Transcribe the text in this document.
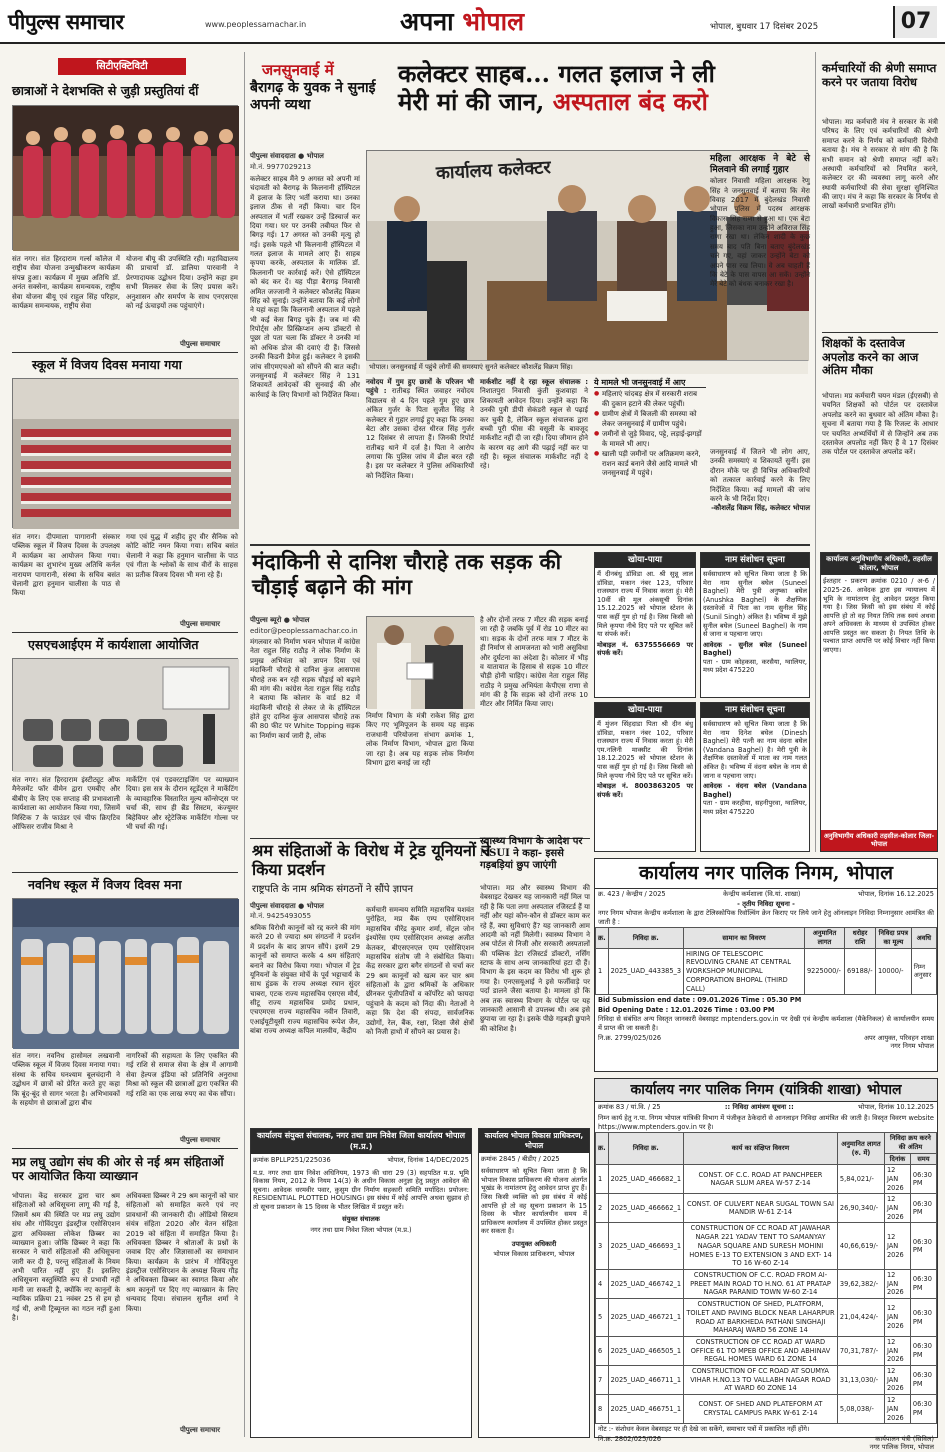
पीपुल्स समाचार	www.peoplessamachar.in	अपना भोपाल	भोपाल, बुधवार 17 दिसंबर 2025	07
सिटीएक्टिविटी
छात्राओं ने देशभक्ति से जुड़ी प्रस्तुतियां दीं
संत नगर। संत हिरदाराम गर्ल्स कॉलेज में राष्ट्रीय सेवा योजना उन्मुखीकरण कार्यक्रम संपन्न हुआ। कार्यक्रम में मुख्य अतिथि डॉ. अनंत सक्सेना, कार्यक्रम समन्वयक, राष्ट्रीय सेवा योजना बीयू एवं राहुल सिंह परिहार, कार्यक्रम समन्वयक, राष्ट्रीय सेवा
योजना बीयू की उपस्थिति रही। महाविद्यालय की प्राचार्या डॉ. डालिया पारवानी ने प्रेरणादायक उद्बोधन दिया। उन्होंने कहा हम सभी मिलकर सेवा के लिए प्रयास करें। अनुशासन और समर्पण के साथ एनएसएस को नई ऊंचाइयों तक पहुंचाएंगे।
पीपुल्स समाचार
स्कूल में विजय दिवस मनाया गया
संत नगर। दीपमाला पागारानी संस्कार पब्लिक स्कूल में विजय दिवस के उपलक्ष्य में कार्यक्रम का आयोजन किया गया। कार्यक्रम का शुभारंभ मुख्य अतिथि कर्नल नारायण पागारानी, संस्था के सचिव बसंत चेलानी द्वारा हनुमान चालीसा के पाठ से किया
गया एवं युद्ध में शहीद हुए वीर सैनिक को कोटि कोटि नमन किया गया। सचिव बसंत चेलानी ने कहा कि हनुमान चालीसा के पाठ एवं गीता के श्लोकों के साथ वीरों के साहस का प्रतीक विजय दिवस भी मना रहे हैं।
पीपुल्स समाचार
एसएचआईएम में कार्यशाला आयोजित
संत नगर। संत हिरदाराम इंस्टीट्यूट ऑफ मैनेजमेंट फॉर वीमेन द्वारा एमबीए और बीबीए के लिए एक सप्ताह की प्रभावशाली कार्यशाला का आयोजन किया गया, जिसमें मिस्टिक 7 के फाउंडर एवं चीफ क्रिएटिव ऑफिसर राजीव मिश्रा ने
मार्केटिंग एवं एडवरटाइजिंग पर व्याख्यान दिया। इस सत्र के दौरान स्टूडेंट्स ने मार्केटिंग के व्यावहारिक विस्तारित मूल्य कॉन्सेप्ट्स पर चर्चा की, साथ ही ब्रैंड सिस्टम, कंज्यूमर बिहेवियर और स्ट्रेटेजिक मार्केटिंग गोल्स पर भी चर्चा की गई।
नवनिध स्कूल में विजय दिवस मना
संत नगर। नवनिध हासोमल लखवानी पब्लिक स्कूल में विजय दिवस मनाया गया। संस्था के सचिव घनश्याम बूलचंदानी ने उद्बोधन में छात्रों को प्रेरित करते हुए कहा कि बूंद-बूंद से सागर भरता है। अभिभावकों के सहयोग से छात्राओं द्वारा बीच
नागरिकों की सहायता के लिए एकत्रित की गई राशि से समाज सेवा के क्षेत्र में आगामी सेवा हेल्पज इंडिया को प्रतिनिधि अनुराधा मिश्रा को स्कूल की छात्राओं द्वारा एकत्रित की गई राशि का एक लाख रुपए का चेक सौंपा।
पीपुल्स समाचार
मप्र लघु उद्योग संघ की ओर से नई श्रम संहिताओं पर आयोजित किया व्याख्यान
भोपाल। केंद्र सरकार द्वारा चार श्रम संहिताओं को अधिसूचना लागू की गई है, जिसमें श्रम की स्थिति पर मप्र लघु उद्योग संघ और गोविंदपुरा इंडस्ट्रीज एसोसिएशन द्वारा अधिवक्ता लोकेश छिब्बर का व्याख्यान हुआ। जोकि छिब्बर ने कहा कि सरकार ने चारों संहिताओं की अधिसूचना जारी कर दी है, परन्तु संहिताओं के नियम अभी पारित नहीं हुए हैं। इसलिए अधिसूचना वस्तुस्थिति रूप से प्रभावी नहीं मानी जा सकती है, क्योंकि नए कानूनों के न्यायिक प्रक्रिया 21 नवंबर 25 से हम हो गई थी, अभी ट्रिब्यूनल का गठन नहीं हुआ है।
अधिवक्ता छिब्बर ने 29 श्रम कानूनों को चार संहिताओं को समाहित करने एवं नए प्रावधानों की जानकारी दी। ऑडियो सिस्टम संयंत्र संहिता 2020 और वेतन संहिता 2019 को संहिता में समाहित किया है। अधिवक्ता छिब्बर ने श्रोताओं के प्रश्नों के जवाब दिए और जिज्ञासाओं का समाधान किया। कार्यक्रम के प्रारंभ में गोविंदपुरा इंडस्ट्रीज एसोसिएशन के अध्यक्ष विजय गौड़ ने अधिवक्ता छिब्बर का स्वागत किया और श्रम कानूनों पर दिए गए व्याख्यान के लिए धन्यवाद दिया। संचालन सुनील शर्मा ने किया।
पीपुल्स समाचार
जनसुनवाई में
बैरागढ़ के युवक ने सुनाई अपनी व्यथा
कलेक्टर साहब... गलत इलाज ने ली
मेरी मां की जान, अस्पताल बंद करो
पीपुल्स संवाददाता ● भोपाल
मो.नं. 9977029213
कलेक्टर साहब मैंने 9 अगस्त को अपनी मां चंदावती को बैरागढ़ के किलनानी हॉस्पिटल में इलाज के लिए भर्ती कराया था। उनका इलाज ठीक से नहीं किया। चार दिन अस्पताल में भर्ती रखकर उन्हें डिस्चार्ज कर दिया गया। घर पर उनकी तबीयत फिर से बिगड़ गई। 17 अगस्त को उनकी मृत्यु हो गई। इसके पहले भी किलनानी हॉस्पिटल में गलत इलाज के मामले आए हैं। साहब कृपया करके, अस्पताल के मालिक डॉ. किलनानी पर कार्रवाई करें। ऐसे हॉस्पिटल को बंद कर दें। यह पीड़ा बैरागढ़ निवासी अमित जज्जानी ने कलेक्टर कौशलेंद्र विक्रम सिंह को सुनाई। उन्होंने बताया कि कई लोगों ने यहां कहा कि किलनानी अस्पताल में पहले भी कई केस बिगड़ चुके हैं। जब मां की रिपोर्ट्स और प्रिस्क्रिप्शन अन्य डॉक्टरों से पूछा तो पता चला कि डॉक्टर ने उनकी मां को अधिक डोज की दवाएं दी हैं। जिससे उनकी किडनी डैमेज हुई। कलेक्टर ने इसकी जांच सीएमएचओ को सौंपने की बात कही। जनसुनवाई में कलेक्टर सिंह ने 131 शिकायतें आवेदकों की सुनवाई की और कार्रवाई के लिए विभागों को निर्देशित किया।
कार्यालय कलेक्टर
भोपाल। जनसुनवाई में पहुंचे लोगों की समस्याएं सुनते कलेक्टर कौशलेंद्र विक्रम सिंह।
नवोदय में गुम हुए छात्रों के परिजन भी पहुंचे : रातीबड़ स्थित जवाहर नवोदय विद्यालय से 4 दिन पहले गुम हुए छात्र अंकित गुर्जर के पिता सुजीत सिंह ने कलेक्टर से गुहार लगाई हुए कहा कि उनका बेटा और उसका दोस्त धीरज सिंह गुर्जर 12 दिसंबर से लापता हैं। जिनकी रिपोर्ट रातीबड़ थाने में दर्ज है। पिता ने आरोप लगाया कि पुलिस जांच में ढील बरत रही है। इस पर कलेक्टर ने पुलिस अधिकारियों को निर्देशित किया।
मार्कशीट नहीं दे रहा स्कूल संचालक : निशातपुरा निवासी कुंती कुशवाहा ने शिकायती आवेदन दिया। उन्होंने कहा कि उनकी पुत्री डीपी सेकंडरी स्कूल से पढ़ाई कर चुकी है, लेकिन स्कूल संचालक द्वारा बच्ची पूरी फीस की वसूली के बावजूद मार्कशीट नहीं दी जा रही। दिया जीमान होने के कारण वह आगे की पढ़ाई नहीं कर पा रही है। स्कूल संचालक मार्कशीट नहीं दे रहे।
ये मामले भी जनसुनवाई में आए
● महिलाएं चांदबड़ क्षेत्र में सरकारी शराब की दुकान हटाने की लेकर पहुंचीं।
● ग्रामीण क्षेत्रों में बिजली की समस्या को लेकर जनसुनवाई में ग्रामीण पहुंचे।
● जमीनों से जुड़े विवाद, पट्टे, लड़ाई-झगड़ों के मामले भी आए।
● खाली पड़ी जमीनों पर अतिक्रमण करने, राशन कार्ड बनाने जैसे आदि मामले भी जनसुनवाई में पहुंचे।
जनसुनवाई में जितने भी लोग आए, उनकी समस्याएं व शिकायतें सुनीं। इस दौरान मौके पर ही विभिन्न अधिकारियों को तत्काल कार्रवाई करने के लिए निर्देशित किया। कई मामलों की जांच करने के भी निर्देश दिए।
-कौशलेंद्र विक्रम सिंह, कलेक्टर भोपाल
महिला आरक्षक ने बेटे से मिलवाने की लगाई गुहार
कोलार निवासी महिला आरक्षक रेणु सिंह ने जनसुनवाई में बताया कि मेरा विवाह 2017 में बुंदेलखंड निवासी भोपाल पुलिस में पदस्थ आरक्षक विकास सिंह राणा से हुआ था। एक बेटा हुआ, जिसका नाम उन्होंने अविराज सिंह राणा रखा था। लेकिन शादी के कुछ समय बाद पति बिना बताए बुंदेलखंड चले गए, वहां जाकर उन्होंने बेटा को अपने पास रख लिया। वे अब चाहती हैं कि बेटे के पास वापस आ सकें। उन्होंने मेरे बेटे को बंधक बनाकर रखा है।
कर्मचारियों की श्रेणी समाप्त करने पर जताया विरोध
भोपाल। मप्र कर्मचारी मंच ने सरकार के मंत्री परिषद के लिए एवं कर्मचारियों की श्रेणी समाप्त करने के निर्णय को कर्मचारी विरोधी बताया है। मंच ने सरकार से मांग की है कि सभी समान को श्रेणी समाप्त नहीं करें। अस्थायी कर्मचारियों को नियमित करने, कलेक्टर दर की व्यवस्था लागू करने और स्थायी कर्मचारियों की सेवा सुरक्षा सुनिश्चित की जाए। मंच ने कहा कि सरकार के निर्णय से लाखों कर्मचारी प्रभावित होंगे।
शिक्षकों के दस्तावेज अपलोड करने का आज अंतिम मौका
भोपाल। मप्र कर्मचारी चयन मंडल (ईएसबी) से चयनित शिक्षकों को पोर्टल पर दस्तावेज अपलोड करने का बुधवार को अंतिम मौका है। सूचना में बताया गया है कि रिजल्ट के आधार पर चयनित अभ्यर्थियों में से जिन्होंने अब तक दस्तावेज अपलोड नहीं किए हैं वे 17 दिसंबर तक पोर्टल पर दस्तावेज अपलोड करें।
मंदाकिनी से दानिश चौराहे तक सड़क की चौड़ाई बढ़ाने की मांग
पीपुल्स ब्यूरो ● भोपाल
editor@peoplessamachar.co.in
मंगलवार को निर्माण भवन भोपाल में कांग्रेस नेता राहुल सिंह राठौड़ ने लोक निर्माण के प्रमुख अभियंता को ज्ञापन दिया एवं मंदाकिनी चौराहे से दानिश कुंज आसपास चौराहे तक बन रही सड़क चौड़ाई को बढ़ाने की मांग की। कांग्रेस नेता राहुल सिंह राठौड़ ने बताया कि कोलार के वार्ड 82 में मंदाकिनी चौराहे से लेकर जे के हॉस्पिटल होते हुए दानिश कुंज आसपास चौराहे तक की 80 फीट पर White Topping सड़क का निर्माण कार्य जारी है, लोक
निर्माण विभाग के मंत्री राकेश सिंह द्वारा किए गए भूमिपूजन के समय यह सड़क राजधानी परियोजना संभाग क्रमांक 1, लोक निर्माण विभाग, भोपाल द्वारा किया जा रहा है। अब यह सड़क लोक निर्माण विभाग द्वारा बनाई जा रही
है और दोनों तरफ 7 मीटर की सड़क बनाई जा रही है जबकि पूर्व में रोड 10 मीटर का था। सड़क के दोनों तरफ मात्र 7 मीटर के ही निर्माण से आमजनता को भारी असुविधा और दुर्घटना का अंदेशा है। कोलार में भीड़ व यातायात के हिसाब से सड़क 10 मीटर चौड़ी होनी चाहिए। कांग्रेस नेता राहुल सिंह राठौड़ ने प्रमुख अभियंता केपीएस राणा से मांग की है कि सड़क को दोनों तरफ 10 मीटर और निर्मित किया जाए।
श्रम संहिताओं के विरोध में ट्रेड यूनियनों ने किया प्रदर्शन
राष्ट्रपति के नाम श्रमिक संगठनों ने सौंपे ज्ञापन
पीपुल्स संवाददाता ● भोपाल
मो.नं. 9425493055
श्रमिक विरोधी कानूनों को रद्द करने की मांग करते 20 से ज्यादा श्रम संगठनों ने प्रदर्शन में प्रदर्शन के बाद ज्ञापन सौंपे। इसमें 29 कानूनों को समाप्त करके 4 श्रम संहिताएं बनाने का विरोध किया गया। भोपाल में ट्रेड यूनियनों के संयुक्त मोर्चे के पूर्व भट्टाचार्य के साथ हुंडक के राज्य अध्यक्ष रघान सुंदर चाबरा, एटक राज्य महासचिव एसएस मौर्य, सीटू राज्य महासचिव प्रमोद प्रधान, एचएमएस राज्य महासचिव नवीन तिवारी, एआईयूटीयूसी राज्य महासचिव रूपेश जैन, बांबा राज्य अध्यक्ष कपिल मालवीय, केंद्रीय
कर्मचारी समन्वय समिति महासचिव यशवंत पुरोहित, मप्र बैंक एम्प एसोसिएशन महासचिव वीरेंद्र कुमार शर्मा, सेंट्रल जोन इंश्योरेंस एम्प एसोसिएशन अध्यक्ष अजीत केतकर, बीएसएनएल एम्प एसोसिएशन महासचिव संतोष जी ने संबोधित किया। केंद्र सरकार द्वारा बगैर संगठनों से चर्चा कर 29 श्रम कानूनों को खत्म कर चार श्रम संहिताओं के द्वारा श्रमिकों के अधिकार छीनकर पूंजीपतियों व कॉर्पोरेट को फायदा पहुंचाने के कदम को निंदा की। नेताओं ने कहा कि देश की संपदा, सार्वजनिक उद्योगों, रेल, बैंक, रक्षा, शिक्षा जैसे क्षेत्रों को निजी हाथों में सौंपने का प्रयास है।
स्वास्थ्य विभाग के आदेश पर NSUI ने कहा- इससे गड़बड़ियां छुप जाएंगी
भोपाल। मप्र और स्वास्थ्य विभाग की वेबसाइट देखकर यह जानकारी नहीं मिल पा रही है कि पता लगा अस्पताल रजिस्टर्ड हैं या नहीं और यहां कौन-कौन से डॉक्टर काम कर रहे हैं, क्या सुविधाएं हैं? यह जानकारी आम आदमी को नहीं मिलेगी। स्वास्थ्य विभाग ने अब पोर्टल से निजी और सरकारी अस्पतालों की पब्लिक डेटा रजिस्टर्ड डॉक्टरों, नर्सिंग स्टाफ के साथ अन्य जानकारियां हटा दी हैं। विभाग के इस कदम का विरोध भी शुरू हो गया है। एनएसयूआई ने इसे फर्जीवाड़े पर पर्दा डालने जैसा बताया है। मामला हो कि अब तक स्वास्थ्य विभाग के पोर्टल पर यह जानकारी आसानी से उपलब्ध थी। अब इसे छुपाया जा रहा है। इसके पीछे गड़बड़ी छुपाने की कोशिश है।
खोया-पाया
मैं दीनबंधु डॉविडा आ. श्री सुन्नू लाल डॉविडा, मकान नंबर 123, परिवार राजस्थान राज्य में निवास करता हूं। मेरी 10वीं की मूल अंकसूची दिनांक 15.12.2025 को भोपाल स्टेशन के पास कहीं गुम हो गई है। जिस किसी को मिले कृपया नीचे दिए पते पर सूचित करें या संपर्क करें।
मोबाइल नं. 6375556669 पर संपर्क करें।
नाम संशोधन सूचना
सर्वसाधारण को सूचित किया जाता है कि मेरा नाम सुनील बघेल (Suneel Baghel) मेरी पुत्री अनुष्का बघेल (Anushka Baghel) के शैक्षणिक दस्तावेजों में पिता का नाम सुनील सिंह (Sunil Singh) अंकित है। भविष्य में मुझे सुनील बघेल (Suneel Baghel) के नाम से जाना व पहचाना जाए।
आवेदक - सुनील बघेल (Suneel Baghel)
पता - ग्राम कोहकसा, करसैया, ग्वालियर, मध्य प्रदेश 475220
खोया-पाया
मैं मुंजन सिंहदाडा पिता श्री दीन बंधु डॉविडा, मकान नंबर 102, परिवार राजस्थान राज्य में निवास करता हूं। मेरी एम.नलिनी माक्सीट की दिनांक 18.12.2025 को भोपाल स्टेशन के पास कहीं गुम हो गई है। जिस किसी को मिले कृपया नीचे दिए पते पर सूचित करें।
मोबाइल नं. 8003863205 पर संपर्क करें।
नाम संशोधन सूचना
सर्वसाधारण को सूचित किया जाता है कि मेरा नाम दिनेश बघेल (Dinesh Baghel) मेरी पत्नी का नाम वंदना बघेल (Vandana Baghel) है। मेरी पुत्री के शैक्षणिक दस्तावेजों में माता का नाम गलत अंकित है। भविष्य में वंदना बघेल के नाम से जाना व पहचाना जाए।
आवेदक - वंदना बघेल (Vandana Baghel)
पता - ग्राम करहीया, सहनीपुरवा, ग्वालियर, मध्य प्रदेश 475220
कार्यालय अनुविभागीय अधिकारी, तहसील कोलार, भोपाल
ईश्तहार - प्रकरण क्रमांक 0210 / अ-6 / 2025-26. आवेदक द्वारा इस न्यायालय में भूमि के नामांतरण हेतु आवेदन प्रस्तुत किया गया है। जिस किसी को इस संबंध में कोई आपत्ति हो तो वह नियत तिथि तक स्वयं अथवा अपने अधिवक्ता के माध्यम से उपस्थित होकर आपत्ति प्रस्तुत कर सकता है। नियत तिथि के पश्चात प्राप्त आपत्ति पर कोई विचार नहीं किया जाएगा।
अनुविभागीय अधिकारी तहसील-कोलार जिला-भोपाल
कार्यालय संयुक्त संचालक, नगर तथा ग्राम निवेश जिला कार्यालय भोपाल (म.प्र.)
क्रमांक BPLLP251/225036	भोपाल, दिनांक 14/DEC/2025
म.प्र. नगर तथा ग्राम निवेश अधिनियम, 1973 की धारा 29 (3) सहपठित म.प्र. भूमि विकास नियम, 2012 के नियम 14(3) के अधीन विकास अनुज्ञा हेतु प्रस्तुत आवेदन की सूचना। आवेदक धरमवीर पवार, कुसुम ग्रीन निर्माण सहकारी समिति मर्यादित। प्रयोजन: RESIDENTIAL PLOTTED HOUSING। इस संबंध में कोई आपत्ति अथवा सुझाव हो तो सूचना प्रकाशन के 15 दिवस के भीतर लिखित में प्रस्तुत करें।
संयुक्त संचालक
नगर तथा ग्राम निवेश जिला भोपाल (म.प्र.)
कार्यालय भोपाल विकास प्राधिकरण, भोपाल
क्रमांक 2845 / बीडीए / 2025
सर्वसाधारण को सूचित किया जाता है कि भोपाल विकास प्राधिकरण की योजना अंतर्गत भूखंड के नामांतरण हेतु आवेदन प्राप्त हुए हैं। जिस किसी व्यक्ति को इस संबंध में कोई आपत्ति हो तो वह सूचना प्रकाशन के 15 दिवस के भीतर कार्यालयीन समय में प्राधिकरण कार्यालय में उपस्थित होकर प्रस्तुत कर सकता है।
उपायुक्त अधिकारी
भोपाल विकास प्राधिकरण, भोपाल
कार्यालय नगर पालिक निगम, भोपाल
क्र. 423 / केन्द्रीय / 2025	केन्द्रीय कर्मशाला (वि.यां. शाखा)	भोपाल, दिनांक 16.12.2025
- तृतीय निविदा सूचना -
नगर निगम भोपाल केन्द्रीय कर्मशाला के द्वारा टेलिस्कोपिक रिवॉल्विंग क्रेन किराए पर लिये जाने हेतु ऑनलाइन निविदा निम्नानुसार आमंत्रित की जाती है :
क्र.	निविदा क्र.	सामान का विवरण	अनुमानित लागत	धरोहर राशि	निविदा प्रपत्र का मूल्य	अवधि
1	2025_UAD_443385_3	HIRING OF TELESCOPIC REVOLVING CRANE AT CENTRAL WORKSHOP MUNICIPAL CORPORATION BHOPAL (THIRD CALL)	9225000/-	69188/-	10000/-	निम्न अनुसार
Bid Submission end date : 09.01.2026 Time : 05.30 PM
Bid Opening Date : 12.01.2026 Time : 03.00 PM
निविदा से संबंधित अन्य विस्तृत जानकारी वेबसाइट mptenders.gov.in पर देखी एवं केन्द्रीय कर्मशाला (मैकेनिकल) से कार्यालयीन समय में प्राप्त की जा सकती है।
नि.क्र. 2799/025/026	अपर आयुक्त, परिवहन शाखा
नगर निगम भोपाल
कार्यालय नगर पालिक निगम (यांत्रिकी शाखा) भोपाल
क्रमांक 83 / यां.वि. / 25	:: निविदा आमंत्रण सूचना ::	भोपाल, दिनांक 10.12.2025
निम्न कार्य हेतु न.पा. निगम भोपाल यांत्रिकी विभाग में पंजीकृत ठेकेदारों से आनलाइन निविदा आमंत्रित की जाती है। विस्तृत विवरण website https://www.mptenders.gov.in पर है।
क्र.	निविदा क्र.	कार्य का संक्षिप्त विवरण	अनुमानित लागत (रु. में)	निविदा क्रय करने की अंतिम	
				दिनांक	समय
1	2025_UAD_466682_1	CONST. OF C.C. ROAD AT PANCHPEER NAGAR SLUM AREA W-57 Z-14	5,84,021/-	12 JAN 2026	06:30 PM
2	2025_UAD_466662_1	CONST. OF CULVERT NEAR SUGAL TOWN SAI MANDIR W-61 Z-14	26,90,340/-	12 JAN 2026	06:30 PM
3	2025_UAD_466693_1	CONSTRUCTION OF CC ROAD AT JAWAHAR NAGAR 221 YADAV TENT TO SAMANYAY NAGAR SQUARE AND SURESH MOHINI HOMES E-13 TO EXTENSION 3 AND EXT- 14 TO 16 W-60 Z-14	40,66,619/-	12 JAN 2026	06:30 PM
4	2025_UAD_466742_1	CONSTRUCTION OF C.C. ROAD FROM AI-PREET MAIN ROAD TO H.NO. 61 AT PRATAP NAGAR PARANID TOWN W-60 Z-14	39,62,382/-	12 JAN 2026	06:30 PM
5	2025_UAD_466721_1	CONSTRUCTION OF SHED, PLATFORM, TOILET AND PAVING BLOCK NEAR LAHARPUR ROAD AT BARKHEDA PATHANI SINGHAJI MAHARAJ WARD 56 ZONE 14	21,04,424/-	12 JAN 2026	06:30 PM
6	2025_UAD_466505_1	CONSTRUCTION OF CC ROAD AT WARD OFFICE 61 TO MPEB OFFICE AND ABHINAV REGAL HOMES WARD 61 ZONE 14	70,31,787/-	12 JAN 2026	06:30 PM
7	2025_UAD_466711_1	CONSTRUCTION OF CC ROAD AT SOUMYA VIHAR H.NO.13 TO VALLABH NAGAR ROAD AT WARD 60 ZONE 14	31,13,030/-	12 JAN 2026	06:30 PM
8	2025_UAD_466751_1	CONST. OF SHED AND PLATEFORM AT CRYSTAL CAMPUS PARK W-61 Z-14	5,08,038/-	12 JAN 2026	06:30 PM
नोट :- संशोधन केवल वेबसाइट पर ही देखे जा सकेंगे, समाचार पत्रों में प्रकाशित नहीं होंगे।
नि.क्र. 2802/025/026	कार्यपालन यंत्री (सिविल)
नगर पालिक निगम, भोपाल
